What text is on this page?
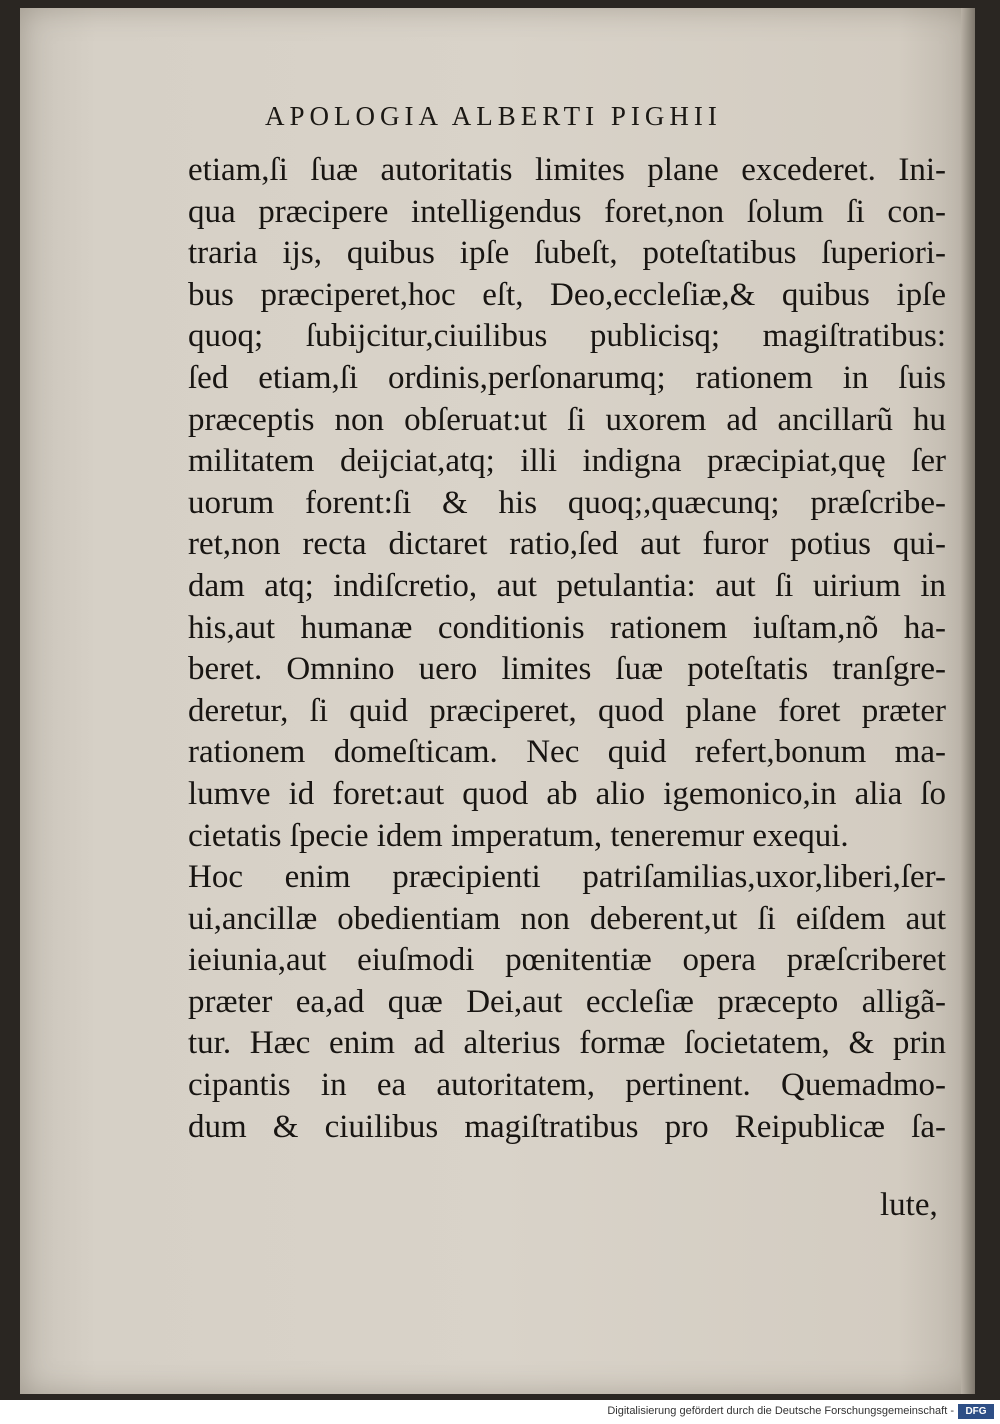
APOLOGIA ALBERTI PIGHII
etiam,ſi ſuæ autoritatis limites plane excederet. Ini-
qua præcipere intelligendus foret,non ſolum ſi con-
traria ijs, quibus ipſe ſubeſt, poteſtatibus ſuperiori-
bus præciperet,hoc eſt, Deo,eccleſiæ,& quibus ipſe
quoq; ſubijcitur,ciuilibus publicisq; magiſtratibus:
ſed etiam,ſi ordinis,perſonarumq; rationem in ſuis
præceptis non obſeruat:ut ſi uxorem ad ancillarũ hu
militatem deijciat,atq; illi indigna præcipiat,quę ſer
uorum forent:ſi & his quoq;,quæcunq; præſcribe-
ret,non recta dictaret ratio,ſed aut furor potius qui-
dam atq; indiſcretio, aut petulantia: aut ſi uirium in
his,aut humanæ conditionis rationem iuſtam,nõ ha-
beret. Omnino uero limites ſuæ poteſtatis tranſgre-
deretur, ſi quid præciperet, quod plane foret præter
rationem domeſticam. Nec quid refert,bonum ma-
lumve id foret:aut quod ab alio igemonico,in alia ſo
cietatis ſpecie idem imperatum, teneremur exequi.
Hoc enim præcipienti patriſamilias,uxor,liberi,ſer-
ui,ancillæ obedientiam non deberent,ut ſi eiſdem aut
ieiunia,aut eiuſmodi pœnitentiæ opera præſcriberet
præter ea,ad quæ Dei,aut eccleſiæ præcepto alligã-
tur. Hæc enim ad alterius formæ ſocietatem, & prin
cipantis in ea autoritatem, pertinent. Quemadmo-
dum & ciuilibus magiſtratibus pro Reipublicæ ſa-
lute,
Digitalisierung gefördert durch die Deutsche Forschungsgemeinschaft -	DFG
